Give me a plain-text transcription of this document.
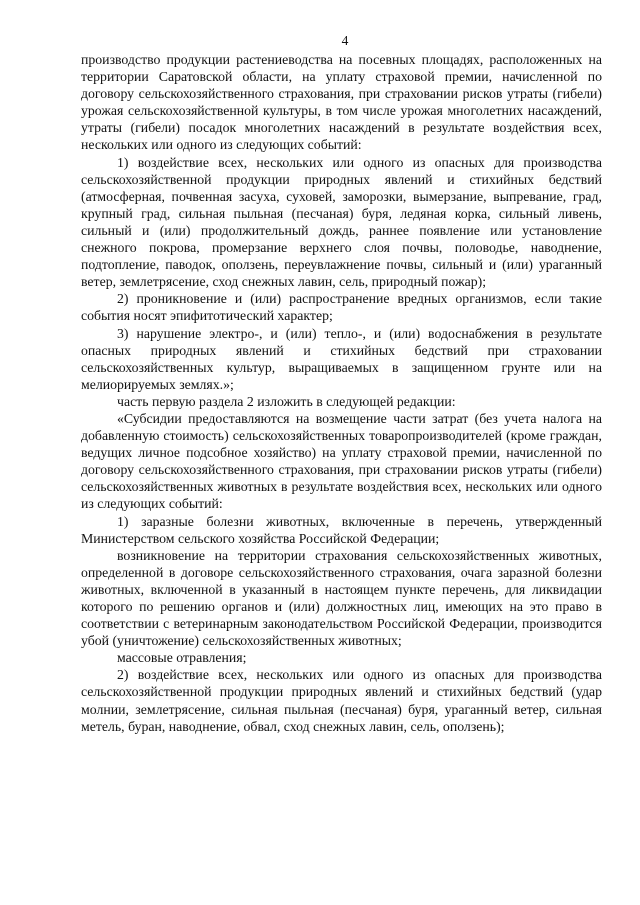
4

производство продукции растениеводства на посевных площадях, расположенных на территории Саратовской области, на уплату страховой премии, начисленной по договору сельскохозяйственного страхования, при страховании рисков утраты (гибели) урожая сельскохозяйственной культуры, в том числе урожая многолетних насаждений, утраты (гибели) посадок многолетних насаждений в результате воздействия всех, нескольких или одного из следующих событий:

1) воздействие всех, нескольких или одного из опасных для производства сельскохозяйственной продукции природных явлений и стихийных бедствий (атмосферная, почвенная засуха, суховей, заморозки, вымерзание, выпревание, град, крупный град, сильная пыльная (песчаная) буря, ледяная корка, сильный ливень, сильный и (или) продолжительный дождь, раннее появление или установление снежного покрова, промерзание верхнего слоя почвы, половодье, наводнение, подтопление, паводок, оползень, переувлажнение почвы, сильный и (или) ураганный ветер, землетрясение, сход снежных лавин, сель, природный пожар);

2) проникновение и (или) распространение вредных организмов, если такие события носят эпифитотический характер;

3) нарушение электро-, и (или) тепло-, и (или) водоснабжения в результате опасных природных явлений и стихийных бедствий при страховании сельскохозяйственных культур, выращиваемых в защищенном грунте или на мелиорируемых землях.»;

часть первую раздела 2 изложить в следующей редакции:

«Субсидии предоставляются на возмещение части затрат (без учета налога на добавленную стоимость) сельскохозяйственных товаропроизводителей (кроме граждан, ведущих личное подсобное хозяйство) на уплату страховой премии, начисленной по договору сельскохозяйственного страхования, при страховании рисков утраты (гибели) сельскохозяйственных животных в результате воздействия всех, нескольких или одного из следующих событий:

1) заразные болезни животных, включенные в перечень, утвержденный Министерством сельского хозяйства Российской Федерации;

возникновение на территории страхования сельскохозяйственных животных, определенной в договоре сельскохозяйственного страхования, очага заразной болезни животных, включенной в указанный в настоящем пункте перечень, для ликвидации которого по решению органов и (или) должностных лиц, имеющих на это право в соответствии с ветеринарным законодательством Российской Федерации, производится убой (уничтожение) сельскохозяйственных животных;

массовые отравления;

2) воздействие всех, нескольких или одного из опасных для производства сельскохозяйственной продукции природных явлений и стихийных бедствий (удар молнии, землетрясение, сильная пыльная (песчаная) буря, ураганный ветер, сильная метель, буран, наводнение, обвал, сход снежных лавин, сель, оползень);
